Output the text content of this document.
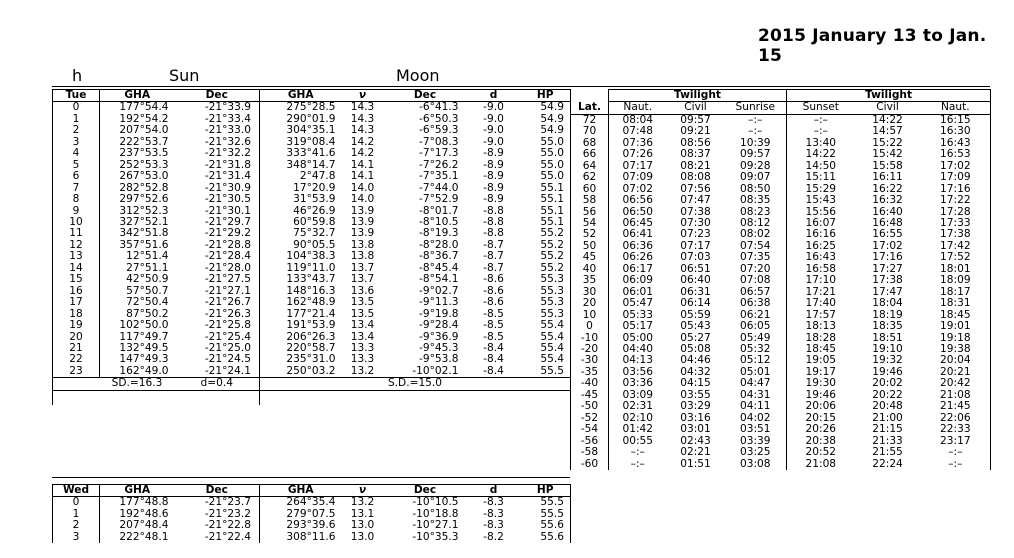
2015 January 13 to Jan. 15
h	Sun	Moon
Tue	GHA	Dec	GHA	ν	Dec	d	HP
0	177°54.4	-21°33.9	275°28.5	14.3	-6°41.3	-9.0	54.9
1	192°54.2	-21°33.4	290°01.9	14.3	-6°50.3	-9.0	54.9
2	207°54.0	-21°33.0	304°35.1	14.3	-6°59.3	-9.0	54.9
3	222°53.7	-21°32.6	319°08.4	14.2	-7°08.3	-9.0	55.0
4	237°53.5	-21°32.2	333°41.6	14.2	-7°17.3	-8.9	55.0
5	252°53.3	-21°31.8	348°14.7	14.1	-7°26.2	-8.9	55.0
6	267°53.0	-21°31.4	2°47.8	14.1	-7°35.1	-8.9	55.0
7	282°52.8	-21°30.9	17°20.9	14.0	-7°44.0	-8.9	55.1
8	297°52.6	-21°30.5	31°53.9	14.0	-7°52.9	-8.9	55.1
9	312°52.3	-21°30.1	46°26.9	13.9	-8°01.7	-8.8	55.1
10	327°52.1	-21°29.7	60°59.8	13.9	-8°10.5	-8.8	55.1
11	342°51.8	-21°29.2	75°32.7	13.9	-8°19.3	-8.8	55.2
12	357°51.6	-21°28.8	90°05.5	13.8	-8°28.0	-8.7	55.2
13	12°51.4	-21°28.4	104°38.3	13.8	-8°36.7	-8.7	55.2
14	27°51.1	-21°28.0	119°11.0	13.7	-8°45.4	-8.7	55.2
15	42°50.9	-21°27.5	133°43.7	13.7	-8°54.1	-8.6	55.3
16	57°50.7	-21°27.1	148°16.3	13.6	-9°02.7	-8.6	55.3
17	72°50.4	-21°26.7	162°48.9	13.5	-9°11.3	-8.6	55.3
18	87°50.2	-21°26.3	177°21.4	13.5	-9°19.8	-8.5	55.3
19	102°50.0	-21°25.8	191°53.9	13.4	-9°28.4	-8.5	55.4
20	117°49.7	-21°25.4	206°26.3	13.4	-9°36.9	-8.5	55.4
21	132°49.5	-21°25.0	220°58.7	13.3	-9°45.3	-8.4	55.4
22	147°49.3	-21°24.5	235°31.0	13.3	-9°53.8	-8.4	55.4
23	162°49.0	-21°24.1	250°03.2	13.2	-10°02.1	-8.4	55.5
	SD.=16.3	d=0.4	S.D.=15.0				

Wed	GHA	Dec	GHA	ν	Dec	d	HP
0	177°48.8	-21°23.7	264°35.4	13.2	-10°10.5	-8.3	55.5
1	192°48.6	-21°23.2	279°07.5	13.1	-10°18.8	-8.3	55.5
2	207°48.4	-21°22.8	293°39.6	13.0	-10°27.1	-8.3	55.6
3	222°48.1	-21°22.4	308°11.6	13.0	-10°35.3	-8.2	55.6
	Twilight			Twilight		
Lat.	Naut.	Civil	Sunrise	Sunset	Civil	Naut.
72	08:04	09:57	–:–	–:–	14:22	16:15
70	07:48	09:21	–:–	–:–	14:57	16:30
68	07:36	08:56	10:39	13:40	15:22	16:43
66	07:26	08:37	09:57	14:22	15:42	16:53
64	07:17	08:21	09:28	14:50	15:58	17:02
62	07:09	08:08	09:07	15:11	16:11	17:09
60	07:02	07:56	08:50	15:29	16:22	17:16
58	06:56	07:47	08:35	15:43	16:32	17:22
56	06:50	07:38	08:23	15:56	16:40	17:28
54	06:45	07:30	08:12	16:07	16:48	17:33
52	06:41	07:23	08:02	16:16	16:55	17:38
50	06:36	07:17	07:54	16:25	17:02	17:42
45	06:26	07:03	07:35	16:43	17:16	17:52
40	06:17	06:51	07:20	16:58	17:27	18:01
35	06:09	06:40	07:08	17:10	17:38	18:09
30	06:01	06:31	06:57	17:21	17:47	18:17
20	05:47	06:14	06:38	17:40	18:04	18:31
10	05:33	05:59	06:21	17:57	18:19	18:45
0	05:17	05:43	06:05	18:13	18:35	19:01
-10	05:00	05:27	05:49	18:28	18:51	19:18
-20	04:40	05:08	05:32	18:45	19:10	19:38
-30	04:13	04:46	05:12	19:05	19:32	20:04
-35	03:56	04:32	05:01	19:17	19:46	20:21
-40	03:36	04:15	04:47	19:30	20:02	20:42
-45	03:09	03:55	04:31	19:46	20:22	21:08
-50	02:31	03:29	04:11	20:06	20:48	21:45
-52	02:10	03:16	04:02	20:15	21:00	22:06
-54	01:42	03:01	03:51	20:26	21:15	22:33
-56	00:55	02:43	03:39	20:38	21:33	23:17
-58	–:–	02:21	03:25	20:52	21:55	–:–
-60	–:–	01:51	03:08	21:08	22:24	–:–
